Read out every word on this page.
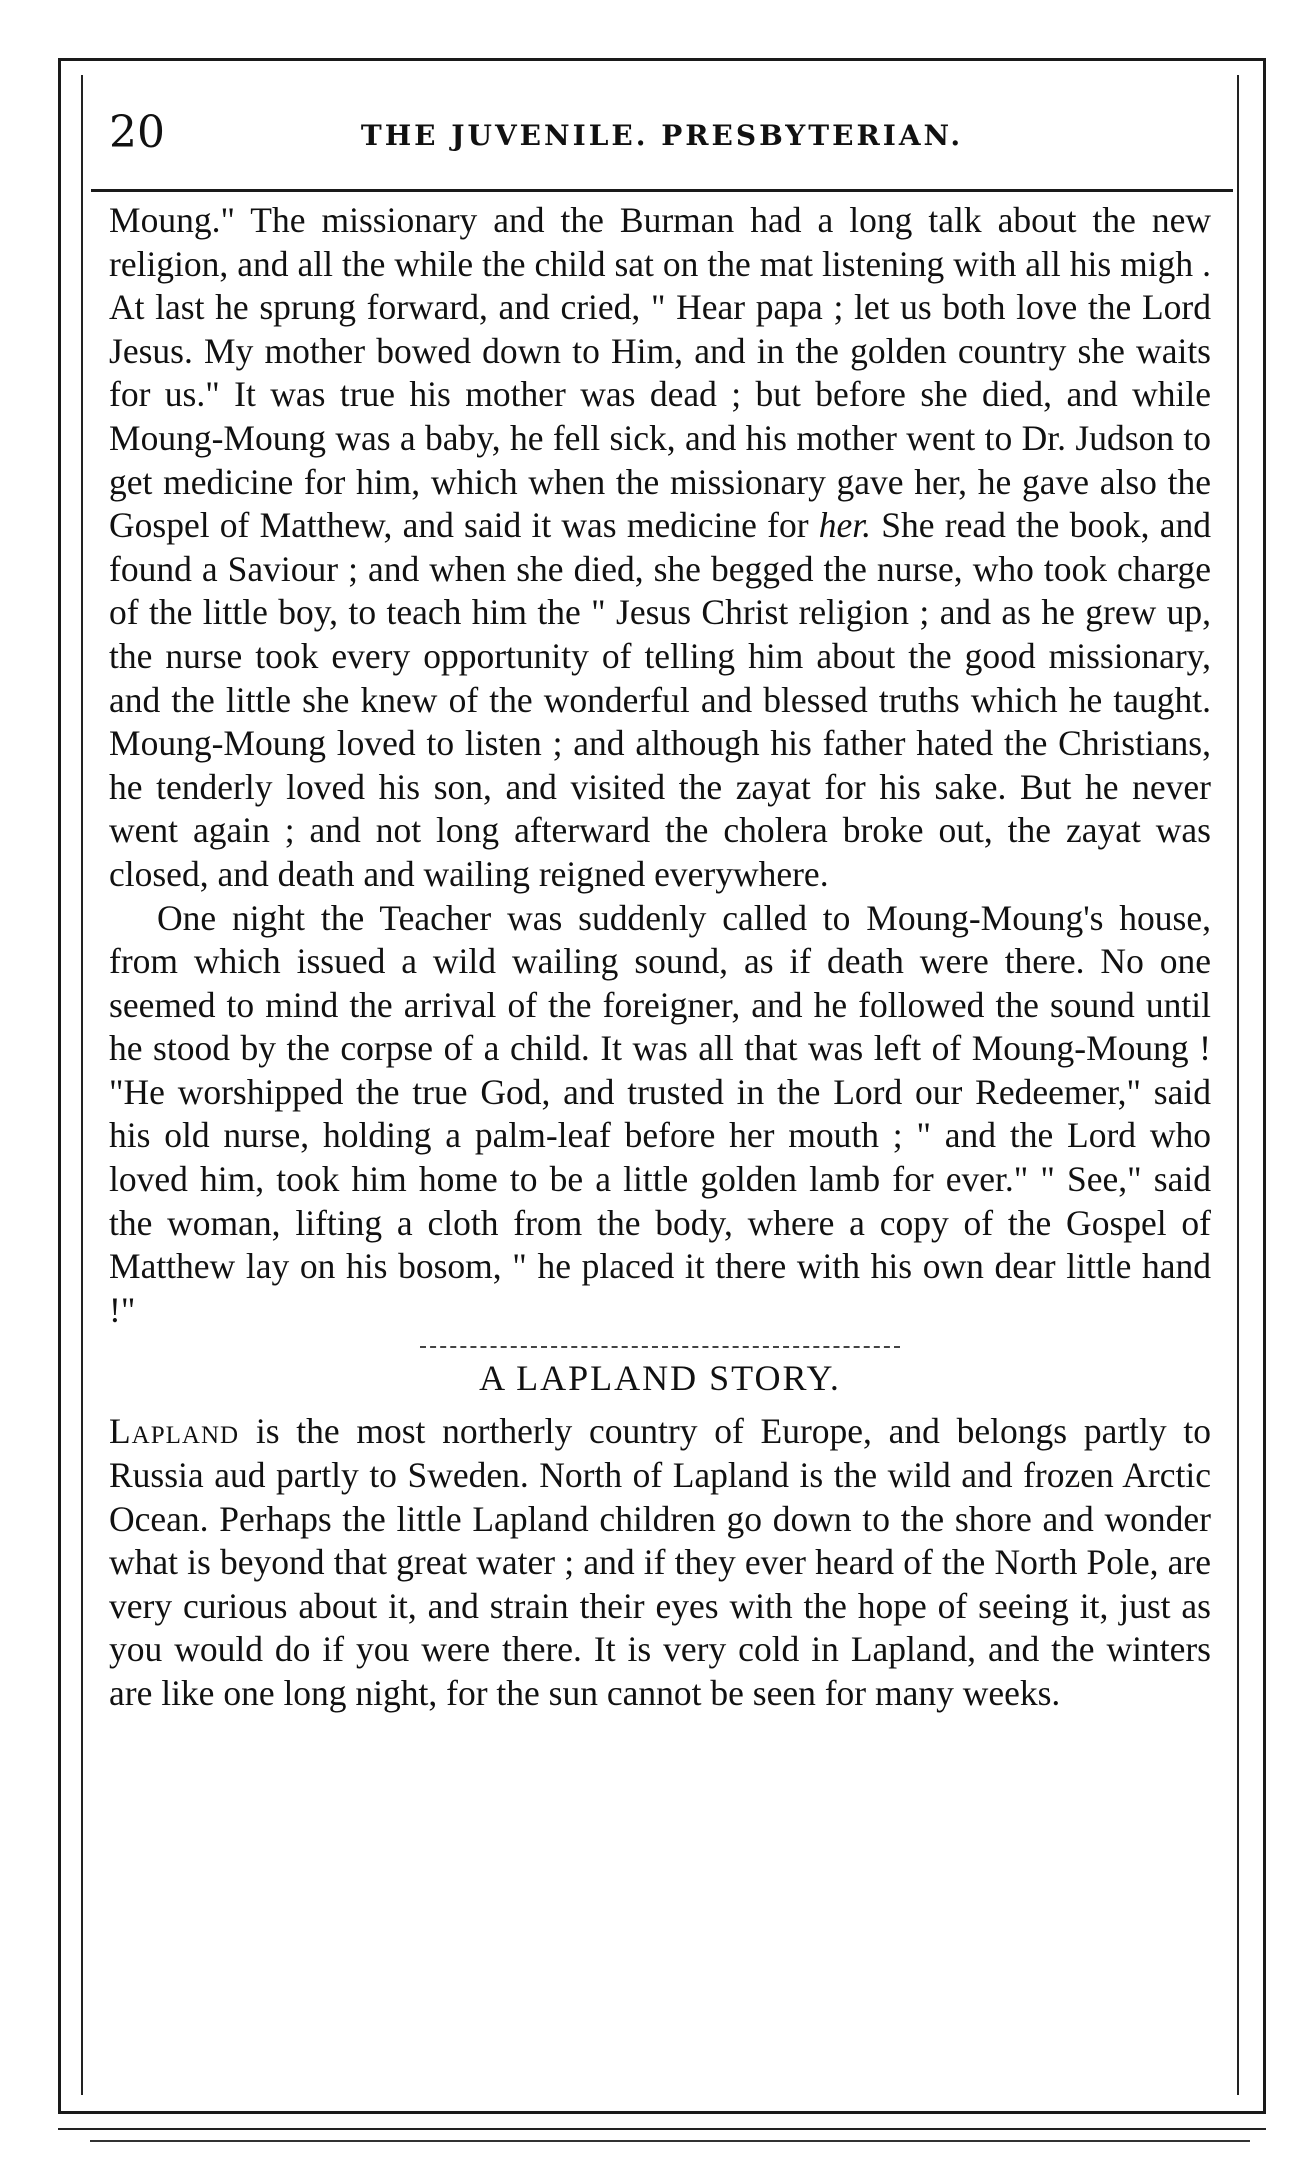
20	THE JUVENILE. PRESBYTERIAN.

Moung." The missionary and the Burman had a long talk about the new religion, and all the while the child sat on the mat listening with all his migh . At last he sprung forward, and cried, " Hear papa ; let us both love the Lord Jesus. My mother bowed down to Him, and in the golden country she waits for us." It was true his mother was dead ; but before she died, and while Moung-Moung was a baby, he fell sick, and his mother went to Dr. Judson to get medicine for him, which when the missionary gave her, he gave also the Gospel of Matthew, and said it was medicine for her. She read the book, and found a Saviour ; and when she died, she begged the nurse, who took charge of the little boy, to teach him the " Jesus Christ religion ; and as he grew up, the nurse took every opportunity of telling him about the good missionary, and the little she knew of the wonderful and blessed truths which he taught. Moung-Moung loved to listen ; and although his father hated the Christians, he tenderly loved his son, and visited the zayat for his sake. But he never went again ; and not long afterward the cholera broke out, the zayat was closed, and death and wailing reigned everywhere.

One night the Teacher was suddenly called to Moung-Moung's house, from which issued a wild wailing sound, as if death were there. No one seemed to mind the arrival of the foreigner, and he followed the sound until he stood by the corpse of a child. It was all that was left of Moung-Moung ! "He worshipped the true God, and trusted in the Lord our Redeemer," said his old nurse, holding a palm-leaf before her mouth ; " and the Lord who loved him, took him home to be a little golden lamb for ever." " See," said the woman, lifting a cloth from the body, where a copy of the Gospel of Matthew lay on his bosom, " he placed it there with his own dear little hand !"

A LAPLAND STORY.

Lapland is the most northerly country of Europe, and belongs partly to Russia aud partly to Sweden. North of Lapland is the wild and frozen Arctic Ocean. Perhaps the little Lapland children go down to the shore and wonder what is beyond that great water ; and if they ever heard of the North Pole, are very curious about it, and strain their eyes with the hope of seeing it, just as you would do if you were there. It is very cold in Lapland, and the winters are like one long night, for the sun cannot be seen for many weeks.
